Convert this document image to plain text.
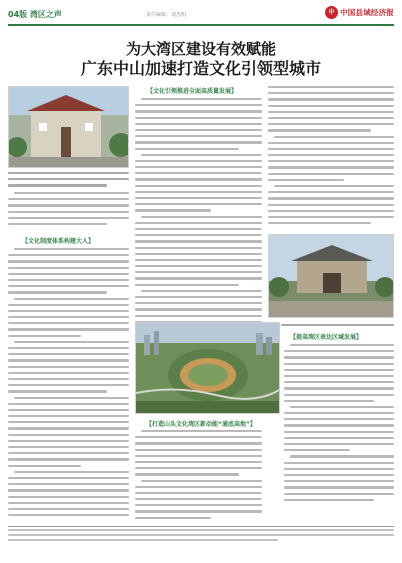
04版 湾区之声	责任编辑：刘杰明	中 中国县域经济报
为大湾区建设有效赋能
广东中山加速打造文化引领型城市
【文化制度体系构建大人】
【文化引领推进全面高质量发展】
【打造山头文化湾区新动能“通底高地”】
【提高湾区表达区域发展】
